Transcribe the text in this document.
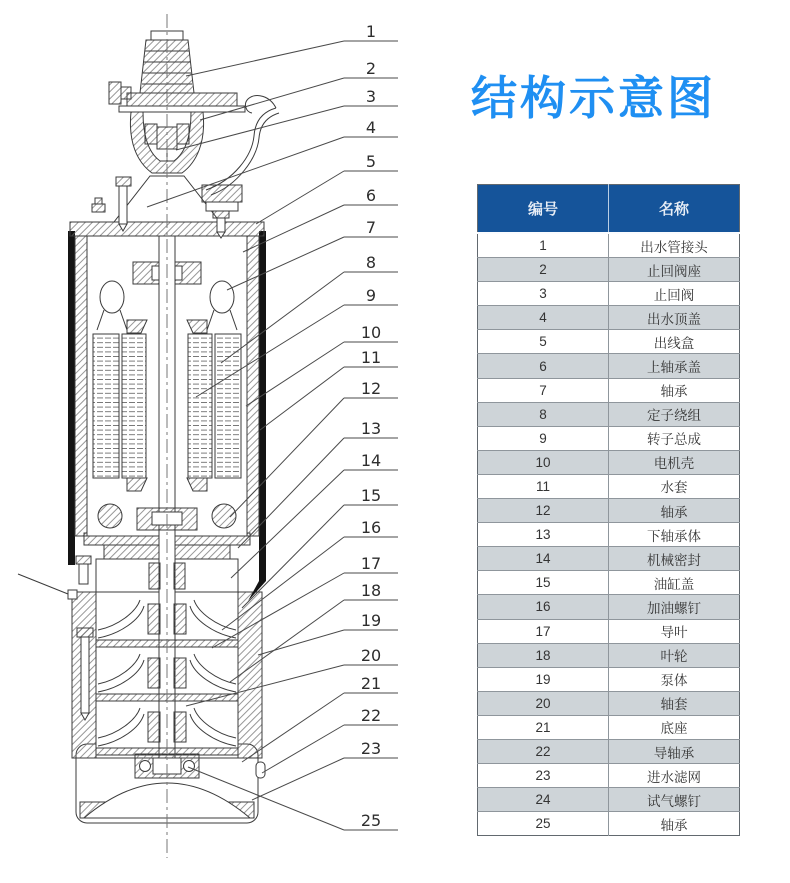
1
2
3
4
5
6
7
8
9
10
11
12
13
14
15
16
17
18
19
20
21
22
23
25
结构示意图
编号	名称
1	出水管接头
2	止回阀座
3	止回阀
4	出水顶盖
5	出线盒
6	上轴承盖
7	轴承
8	定子绕组
9	转子总成
10	电机壳
11	水套
12	轴承
13	下轴承体
14	机械密封
15	油缸盖
16	加油螺钉
17	导叶
18	叶轮
19	泵体
20	轴套
21	底座
22	导轴承
23	进水滤网
24	试气螺钉
25	轴承
